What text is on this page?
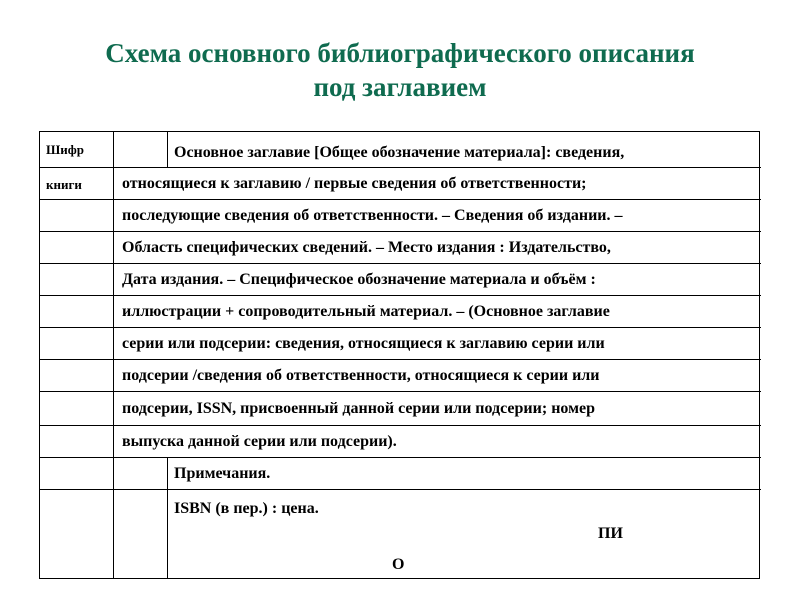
Схема основного библиографического описания
под заглавием
Шифр
книги
Основное заглавие [Общее обозначение материала]: сведения,
относящиеся к заглавию / первые сведения об ответственности;
последующие сведения об ответственности. – Сведения об издании. –
Область специфических сведений. – Место издания : Издательство,
Дата издания. – Специфическое обозначение материала и объём :
иллюстрации + сопроводительный материал. – (Основное заглавие
серии или подсерии: сведения, относящиеся к заглавию серии или
подсерии /сведения об ответственности, относящиеся к серии или
подсерии, ISSN, присвоенный данной серии или подсерии; номер
выпуска данной серии или подсерии).
Примечания.
ISBN (в пер.) : цена.
ПИ
О
